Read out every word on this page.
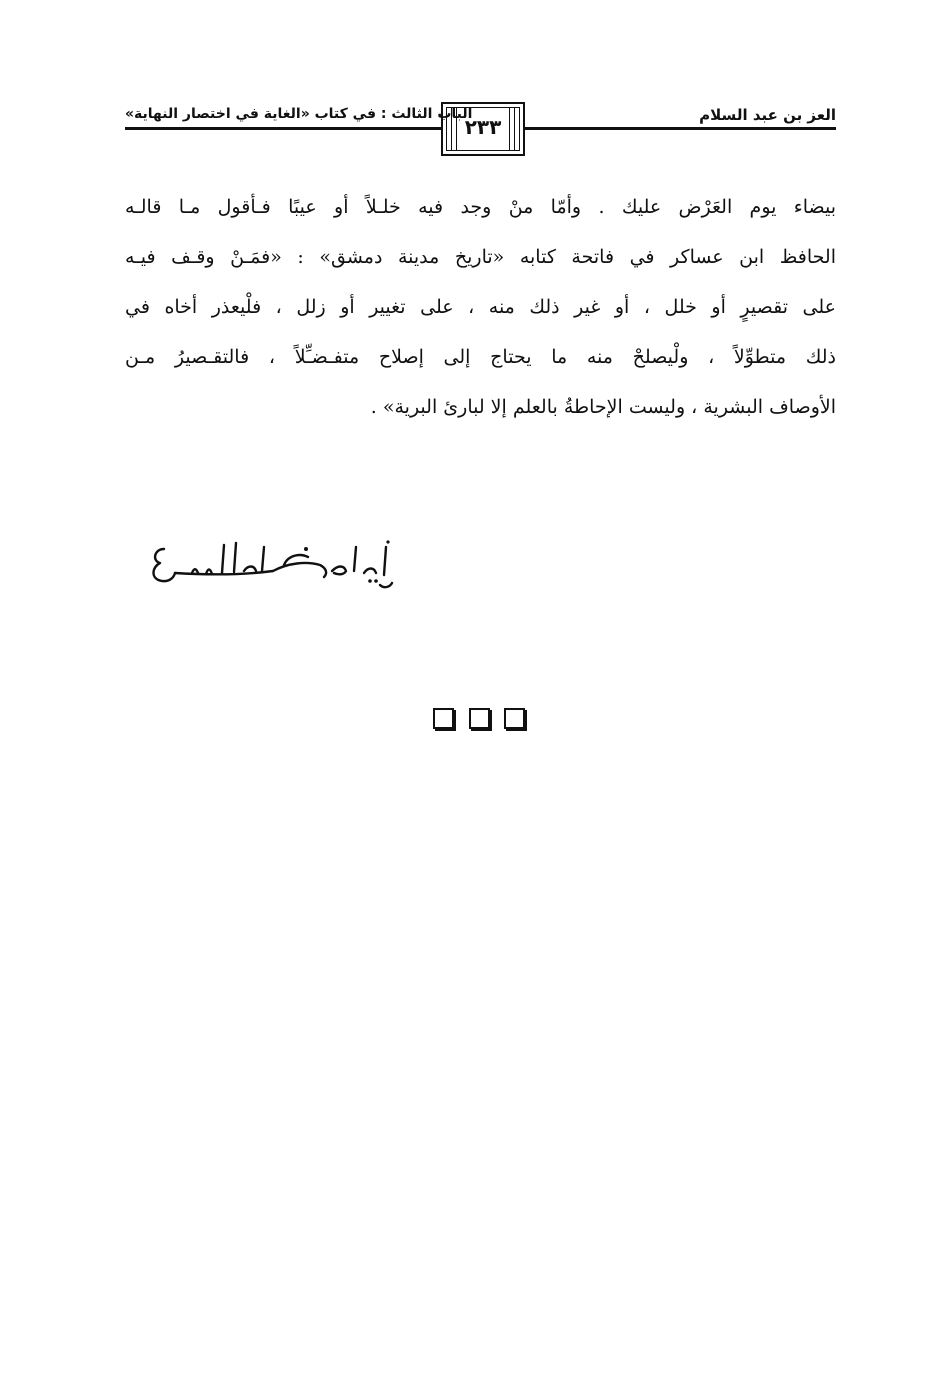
العز بن عبد السلام
٢٣٣
الباب الثالث : في كتاب «الغاية في اختصار النهاية»
بيضاء يوم العَرْض عليك . وأمّا منْ وجد فيه خلـلاً أو عيبًا فـأقول مـا قالـه
الحافظ ابن عساكر في فاتحة كتابه «تاريخ مدينة دمشق» : «فمَـنْ وقـف فيـه
على تقصيرٍ أو خلل ، أو غير ذلك منه ، على تغيير أو زلل ، فلْيعذر أخاه في
ذلك متطوِّلاً ، ولْيصلحْ منه ما يحتاج إلى إصلاح متفـضـِّلاً ، فالتقـصيرُ مـن
الأوصاف البشرية ، وليست الإحاطةُ بالعلم إلا لبارئ البرية» .
